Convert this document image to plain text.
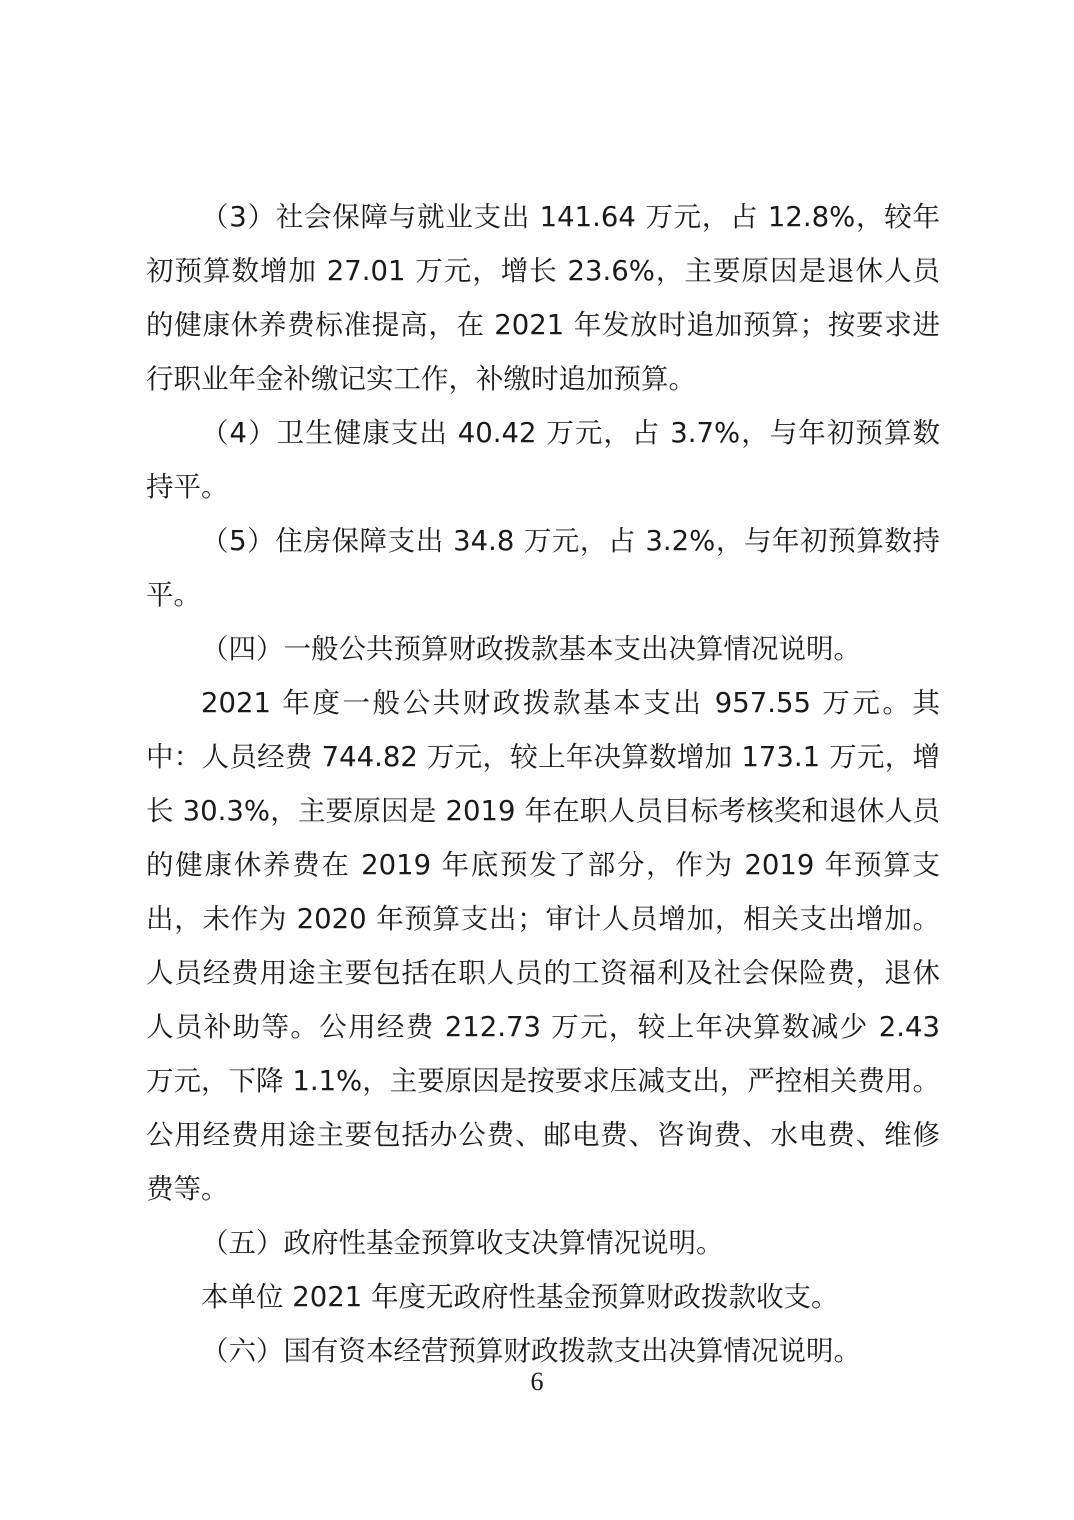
（3）社会保障与就业支出 141.64 万元，占 12.8%，较年初预算数增加 27.01 万元，增长 23.6%，主要原因是退休人员的健康休养费标准提高，在 2021 年发放时追加预算；按要求进行职业年金补缴记实工作，补缴时追加预算。

（4）卫生健康支出 40.42 万元，占 3.7%，与年初预算数持平。

（5）住房保障支出 34.8 万元，占 3.2%，与年初预算数持平。

（四）一般公共预算财政拨款基本支出决算情况说明。

2021 年度一般公共财政拨款基本支出 957.55 万元。其中：人员经费 744.82 万元，较上年决算数增加 173.1 万元，增长 30.3%，主要原因是 2019 年在职人员目标考核奖和退休人员的健康休养费在 2019 年底预发了部分，作为 2019 年预算支出，未作为 2020 年预算支出；审计人员增加，相关支出增加。人员经费用途主要包括在职人员的工资福利及社会保险费，退休人员补助等。公用经费 212.73 万元，较上年决算数减少 2.43 万元，下降 1.1%，主要原因是按要求压减支出，严控相关费用。公用经费用途主要包括办公费、邮电费、咨询费、水电费、维修费等。

（五）政府性基金预算收支决算情况说明。

本单位 2021 年度无政府性基金预算财政拨款收支。

（六）国有资本经营预算财政拨款支出决算情况说明。

6
